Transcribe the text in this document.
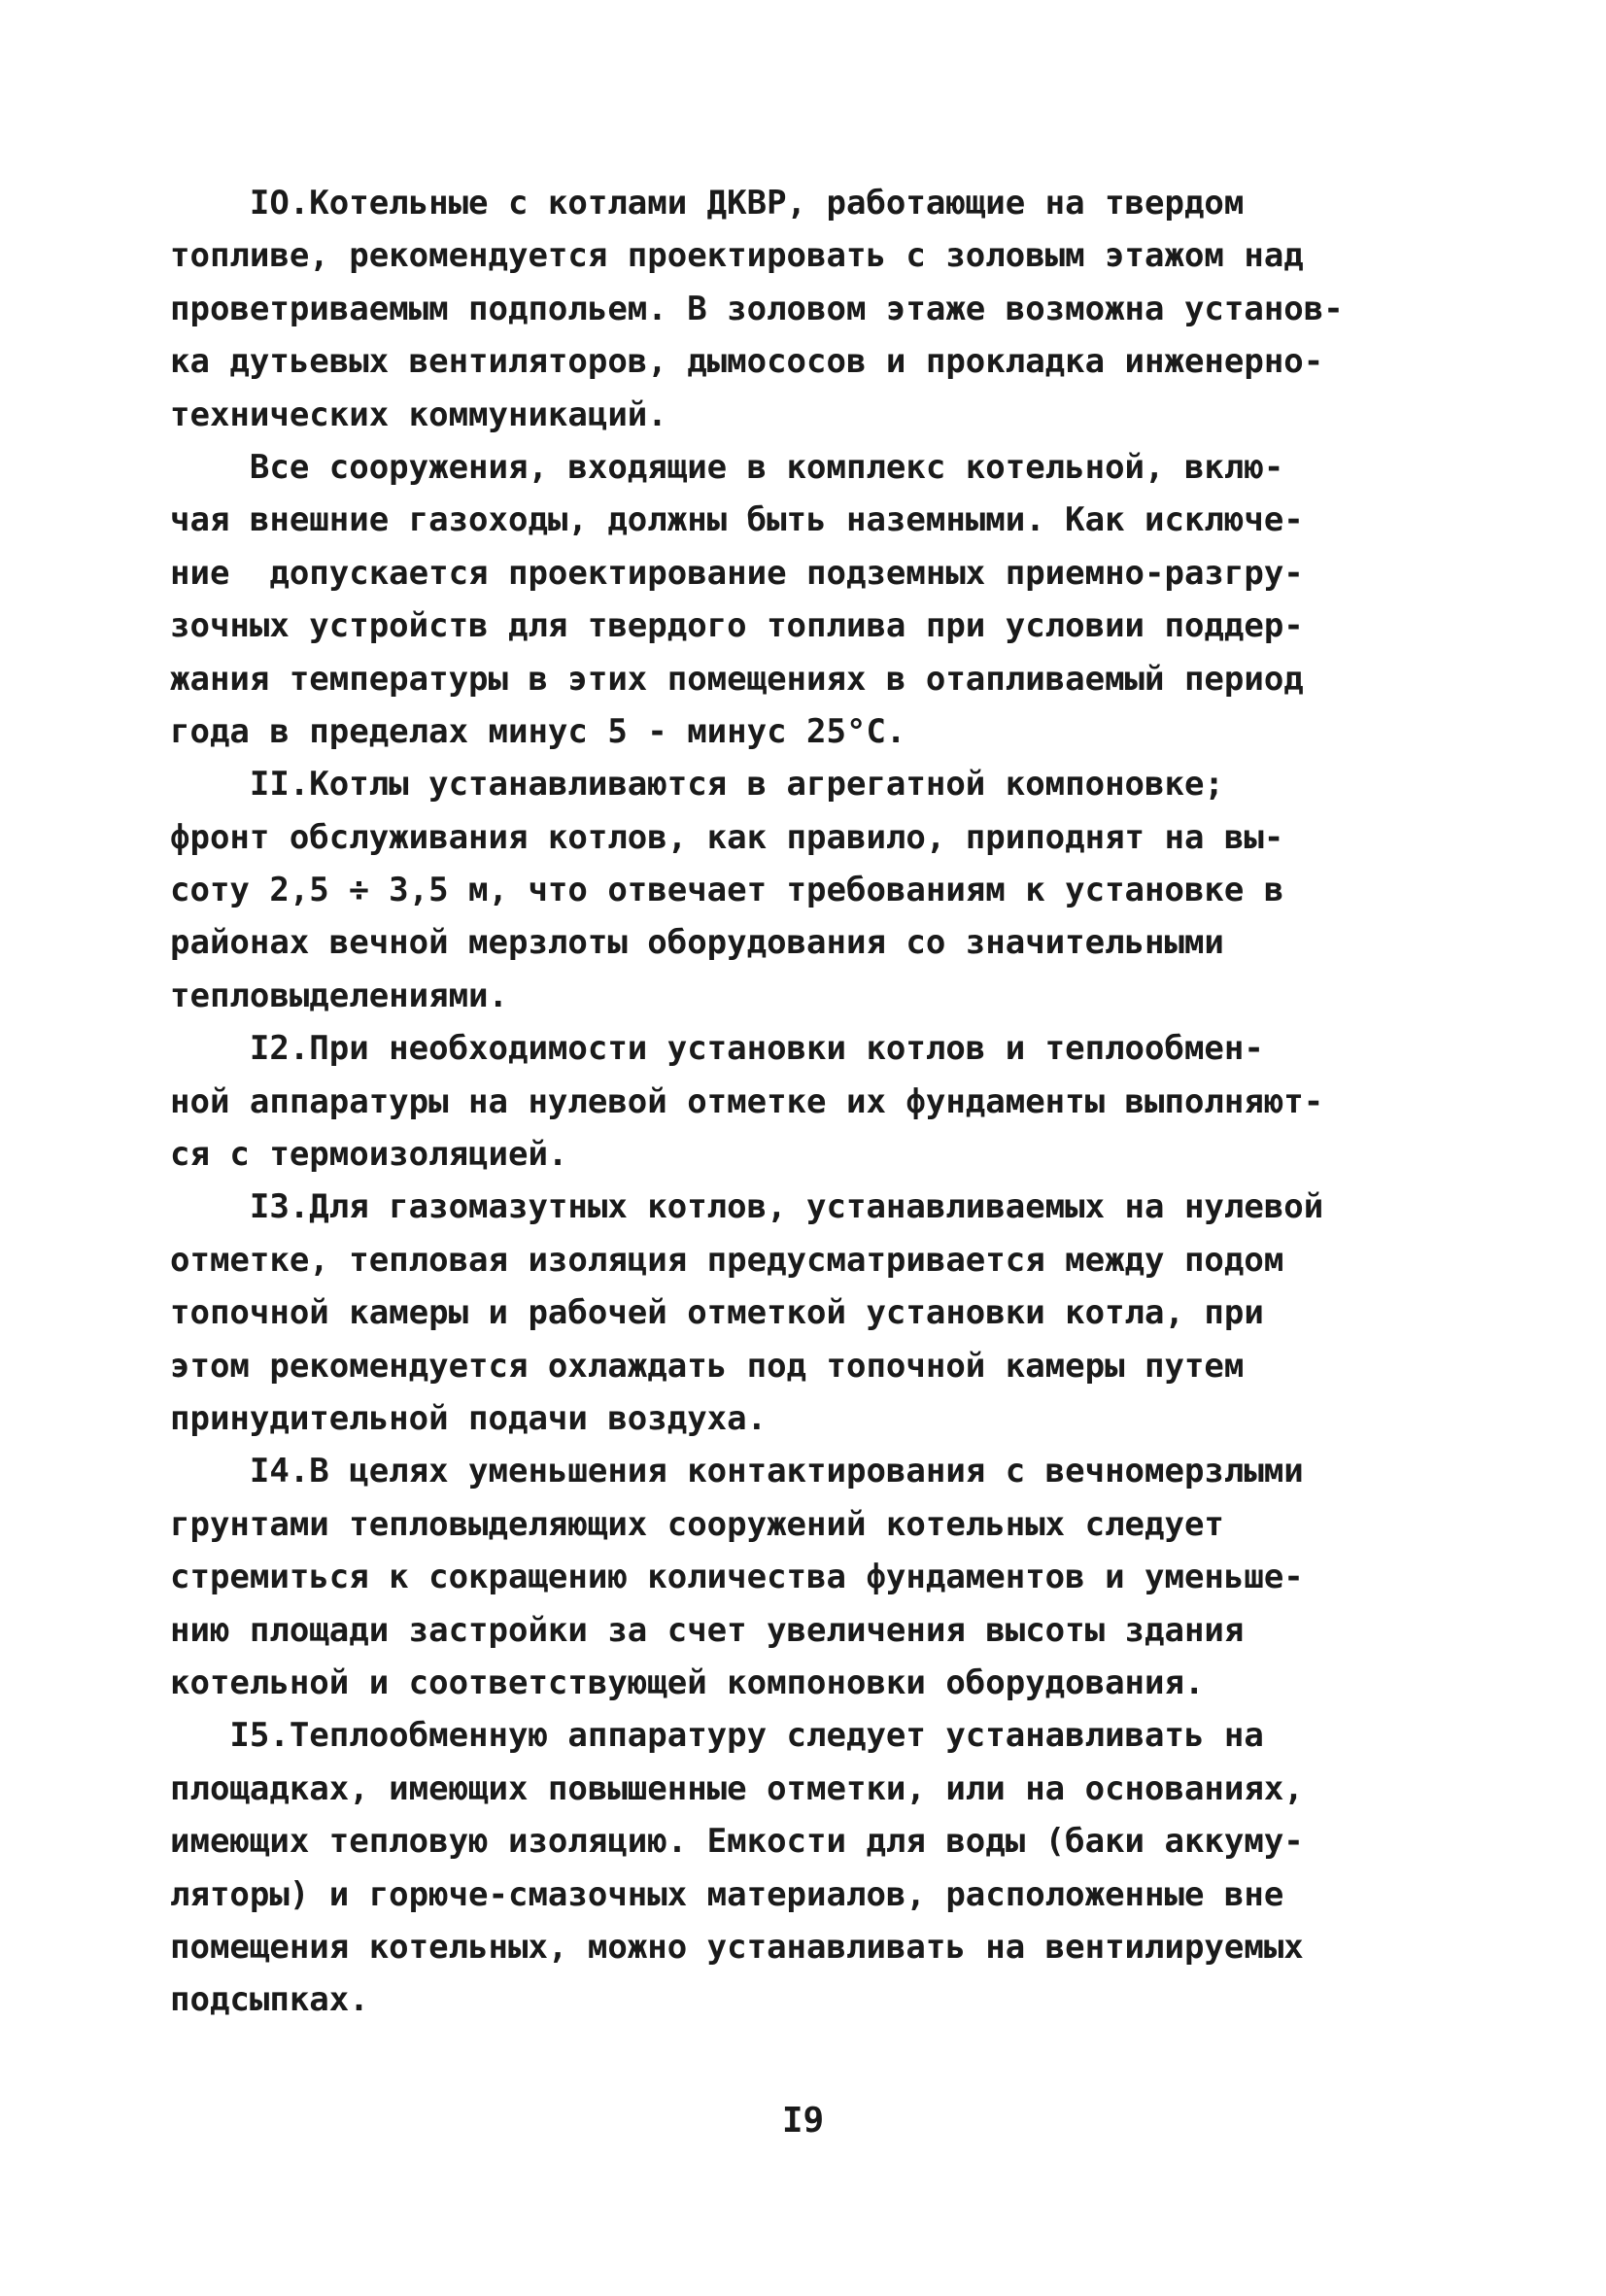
IO.Котельные с котлами ДКВР, работающие на твердом
топливе, рекомендуется проектировать с золовым этажом над
проветриваемым подпольем. В золовом этаже возможна установ-
ка дутьевых вентиляторов, дымососов и прокладка инженерно-
технических коммуникаций.
Все сооружения, входящие в комплекс котельной, вклю-
чая внешние газоходы, должны быть наземными. Как исключе-
ние  допускается проектирование подземных приемно-разгру-
зочных устройств для твердого топлива при условии поддер-
жания температуры в этих помещениях в отапливаемый период
года в пределах минус 5 - минус 25°С.
II.Котлы устанавливаются в агрегатной компоновке;
фронт обслуживания котлов, как правило, приподнят на вы-
соту 2,5 ÷ 3,5 м, что отвечает требованиям к установке в
районах вечной мерзлоты оборудования со значительными
тепловыделениями.
I2.При необходимости установки котлов и теплообмен-
ной аппаратуры на нулевой отметке их фундаменты выполняют-
ся с термоизоляцией.
I3.Для газомазутных котлов, устанавливаемых на нулевой
отметке, тепловая изоляция предусматривается между подом
топочной камеры и рабочей отметкой установки котла, при
этом рекомендуется охлаждать под топочной камеры путем
принудительной подачи воздуха.
I4.В целях уменьшения контактирования с вечномерзлыми
грунтами тепловыделяющих сооружений котельных следует
стремиться к сокращению количества фундаментов и уменьше-
нию площади застройки за счет увеличения высоты здания
котельной и соответствующей компоновки оборудования.
I5.Теплообменную аппаратуру следует устанавливать на
площадках, имеющих повышенные отметки, или на основаниях,
имеющих тепловую изоляцию. Емкости для воды (баки аккуму-
ляторы) и горюче-смазочных материалов, расположенные вне
помещения котельных, можно устанавливать на вентилируемых
подсыпках.
I9
